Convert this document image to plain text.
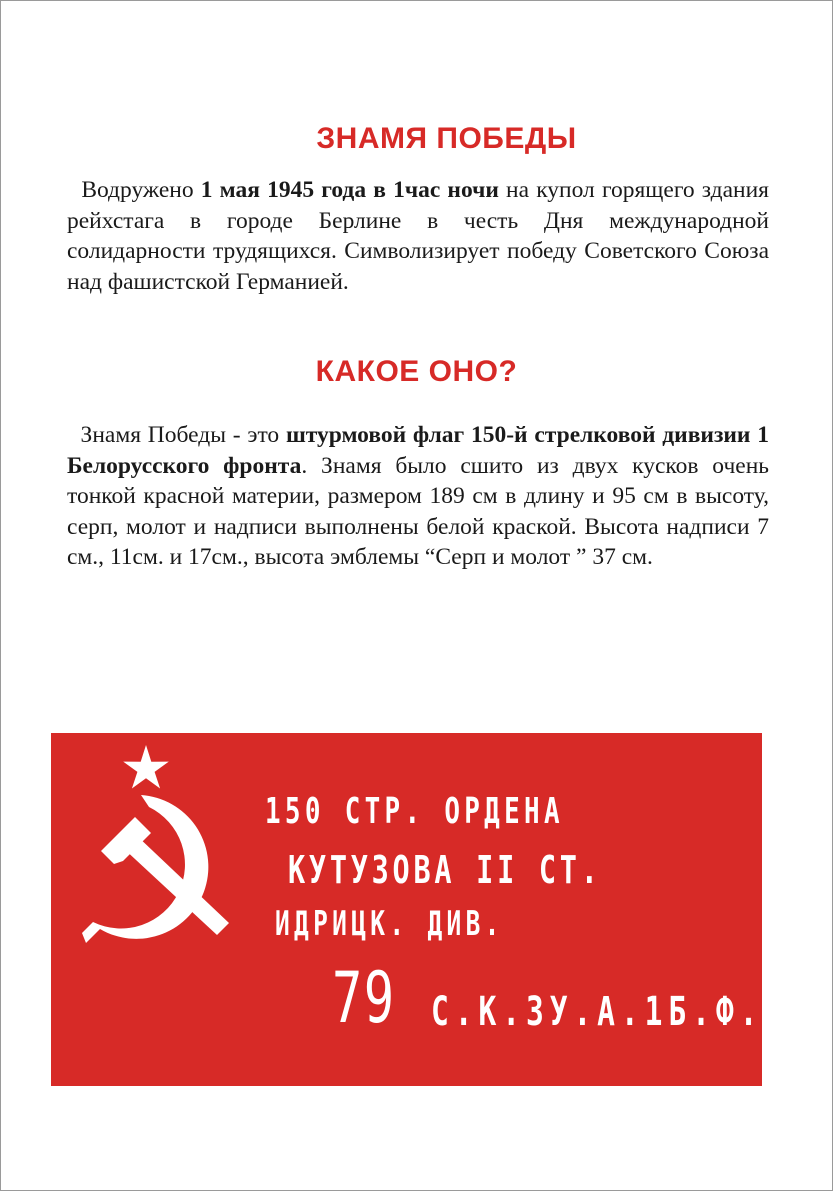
ЗНАМЯ ПОБЕДЫ

Водружено 1 мая 1945 года в 1час ночи на купол горящего здания рейхстага в городе Берлине в честь Дня международной солидарности трудящихся. Символизирует победу Советского Союза над фашистской Германией.

КАКОЕ ОНО?

Знамя Победы - это штурмовой флаг 150-й стрелковой дивизии 1 Белорусского фронта. Знамя было сшито из двух кусков очень тонкой красной материи, размером 189 см в длину и 95 см в высоту, серп, молот и надписи выполнены белой краской. Высота надписи 7 см., 11см. и 17см., высота эмблемы “Серп и молот ” 37 см.

150 СТР. ОРДЕНА
КУТУЗОВА II СТ.
ИДРИЦК. ДИВ.
79 С.К.3У.А.1Б.Ф.
